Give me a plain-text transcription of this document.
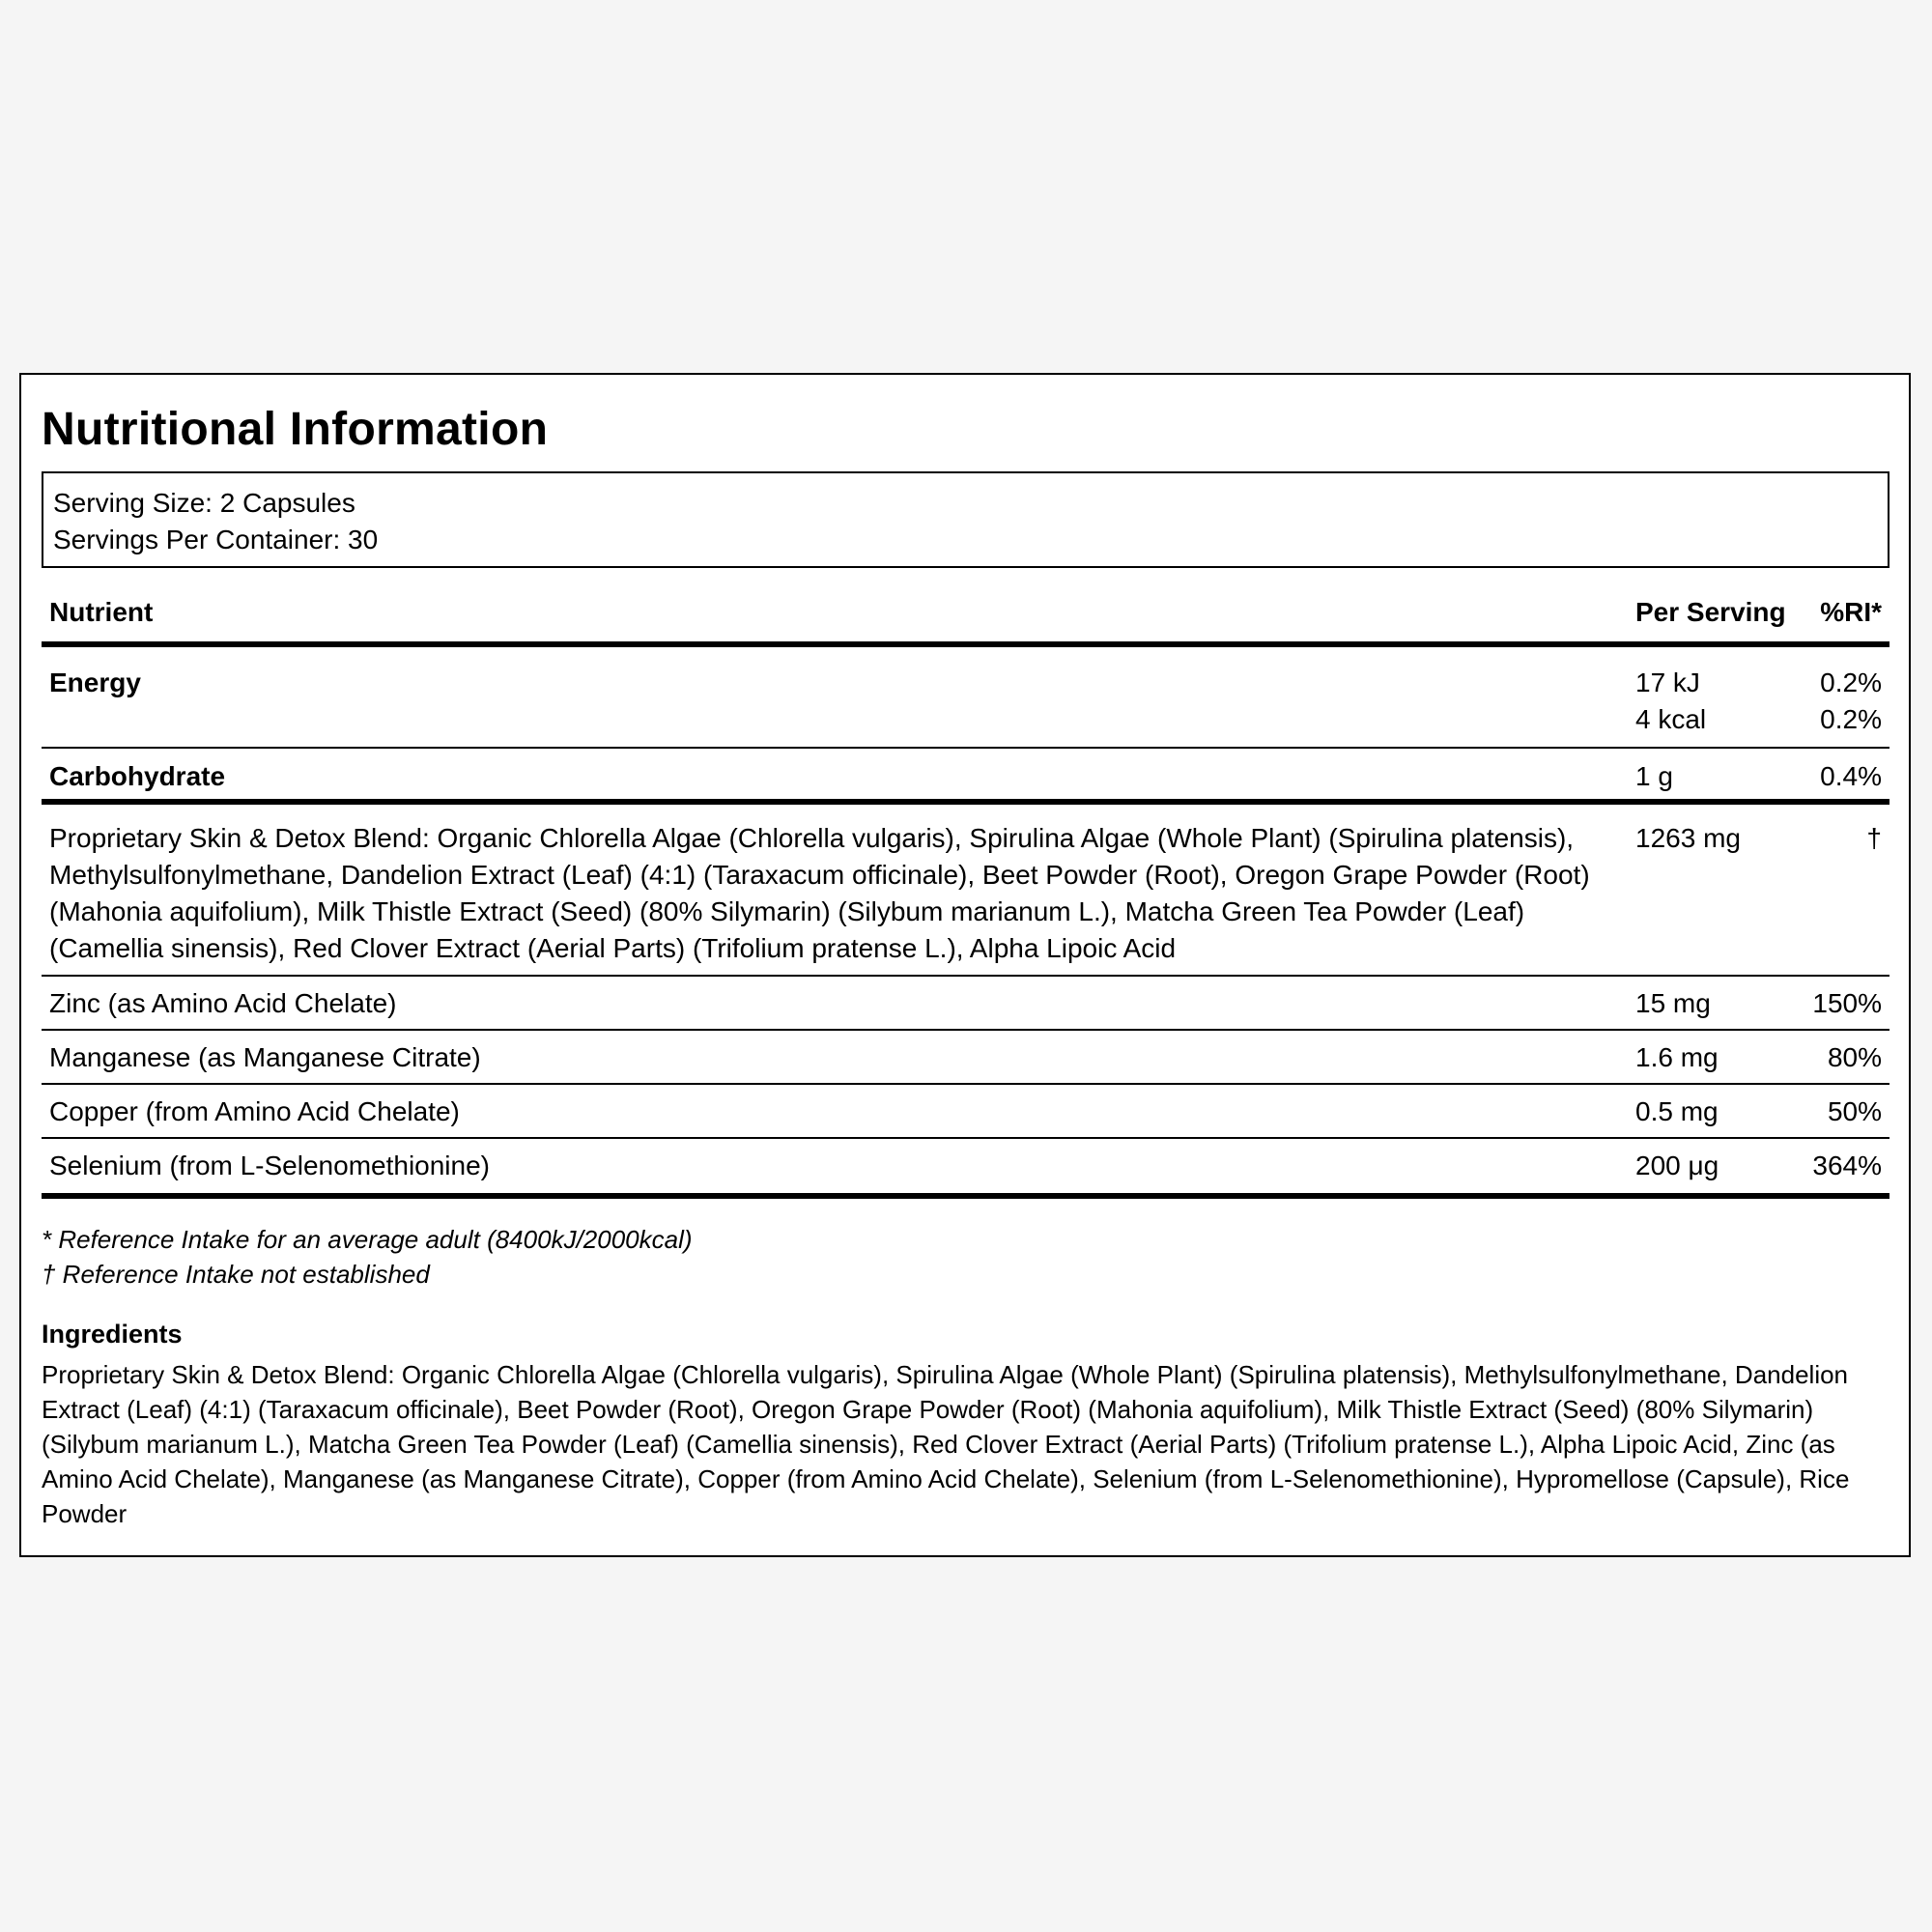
Nutritional Information
Serving Size: 2 Capsules
Servings Per Container: 30
Nutrient	Per Serving	%RI*
Energy	17 kJ	0.2%
	4 kcal	0.2%
Carbohydrate	1 g	0.4%
Proprietary Skin & Detox Blend: Organic Chlorella Algae (Chlorella vulgaris), Spirulina Algae (Whole Plant) (Spirulina platensis), Methylsulfonylmethane, Dandelion Extract (Leaf) (4:1) (Taraxacum officinale), Beet Powder (Root), Oregon Grape Powder (Root) (Mahonia aquifolium), Milk Thistle Extract (Seed) (80% Silymarin) (Silybum marianum L.), Matcha Green Tea Powder (Leaf) (Camellia sinensis), Red Clover Extract (Aerial Parts) (Trifolium pratense L.), Alpha Lipoic Acid	1263 mg	†
Zinc (as Amino Acid Chelate)	15 mg	150%
Manganese (as Manganese Citrate)	1.6 mg	80%
Copper (from Amino Acid Chelate)	0.5 mg	50%
Selenium (from L-Selenomethionine)	200 μg	364%
* Reference Intake for an average adult (8400kJ/2000kcal)
† Reference Intake not established
Ingredients
Proprietary Skin & Detox Blend: Organic Chlorella Algae (Chlorella vulgaris), Spirulina Algae (Whole Plant) (Spirulina platensis), Methylsulfonylmethane, Dandelion Extract (Leaf) (4:1) (Taraxacum officinale), Beet Powder (Root), Oregon Grape Powder (Root) (Mahonia aquifolium), Milk Thistle Extract (Seed) (80% Silymarin) (Silybum marianum L.), Matcha Green Tea Powder (Leaf) (Camellia sinensis), Red Clover Extract (Aerial Parts) (Trifolium pratense L.), Alpha Lipoic Acid, Zinc (as Amino Acid Chelate), Manganese (as Manganese Citrate), Copper (from Amino Acid Chelate), Selenium (from L-Selenomethionine), Hypromellose (Capsule), Rice Powder
